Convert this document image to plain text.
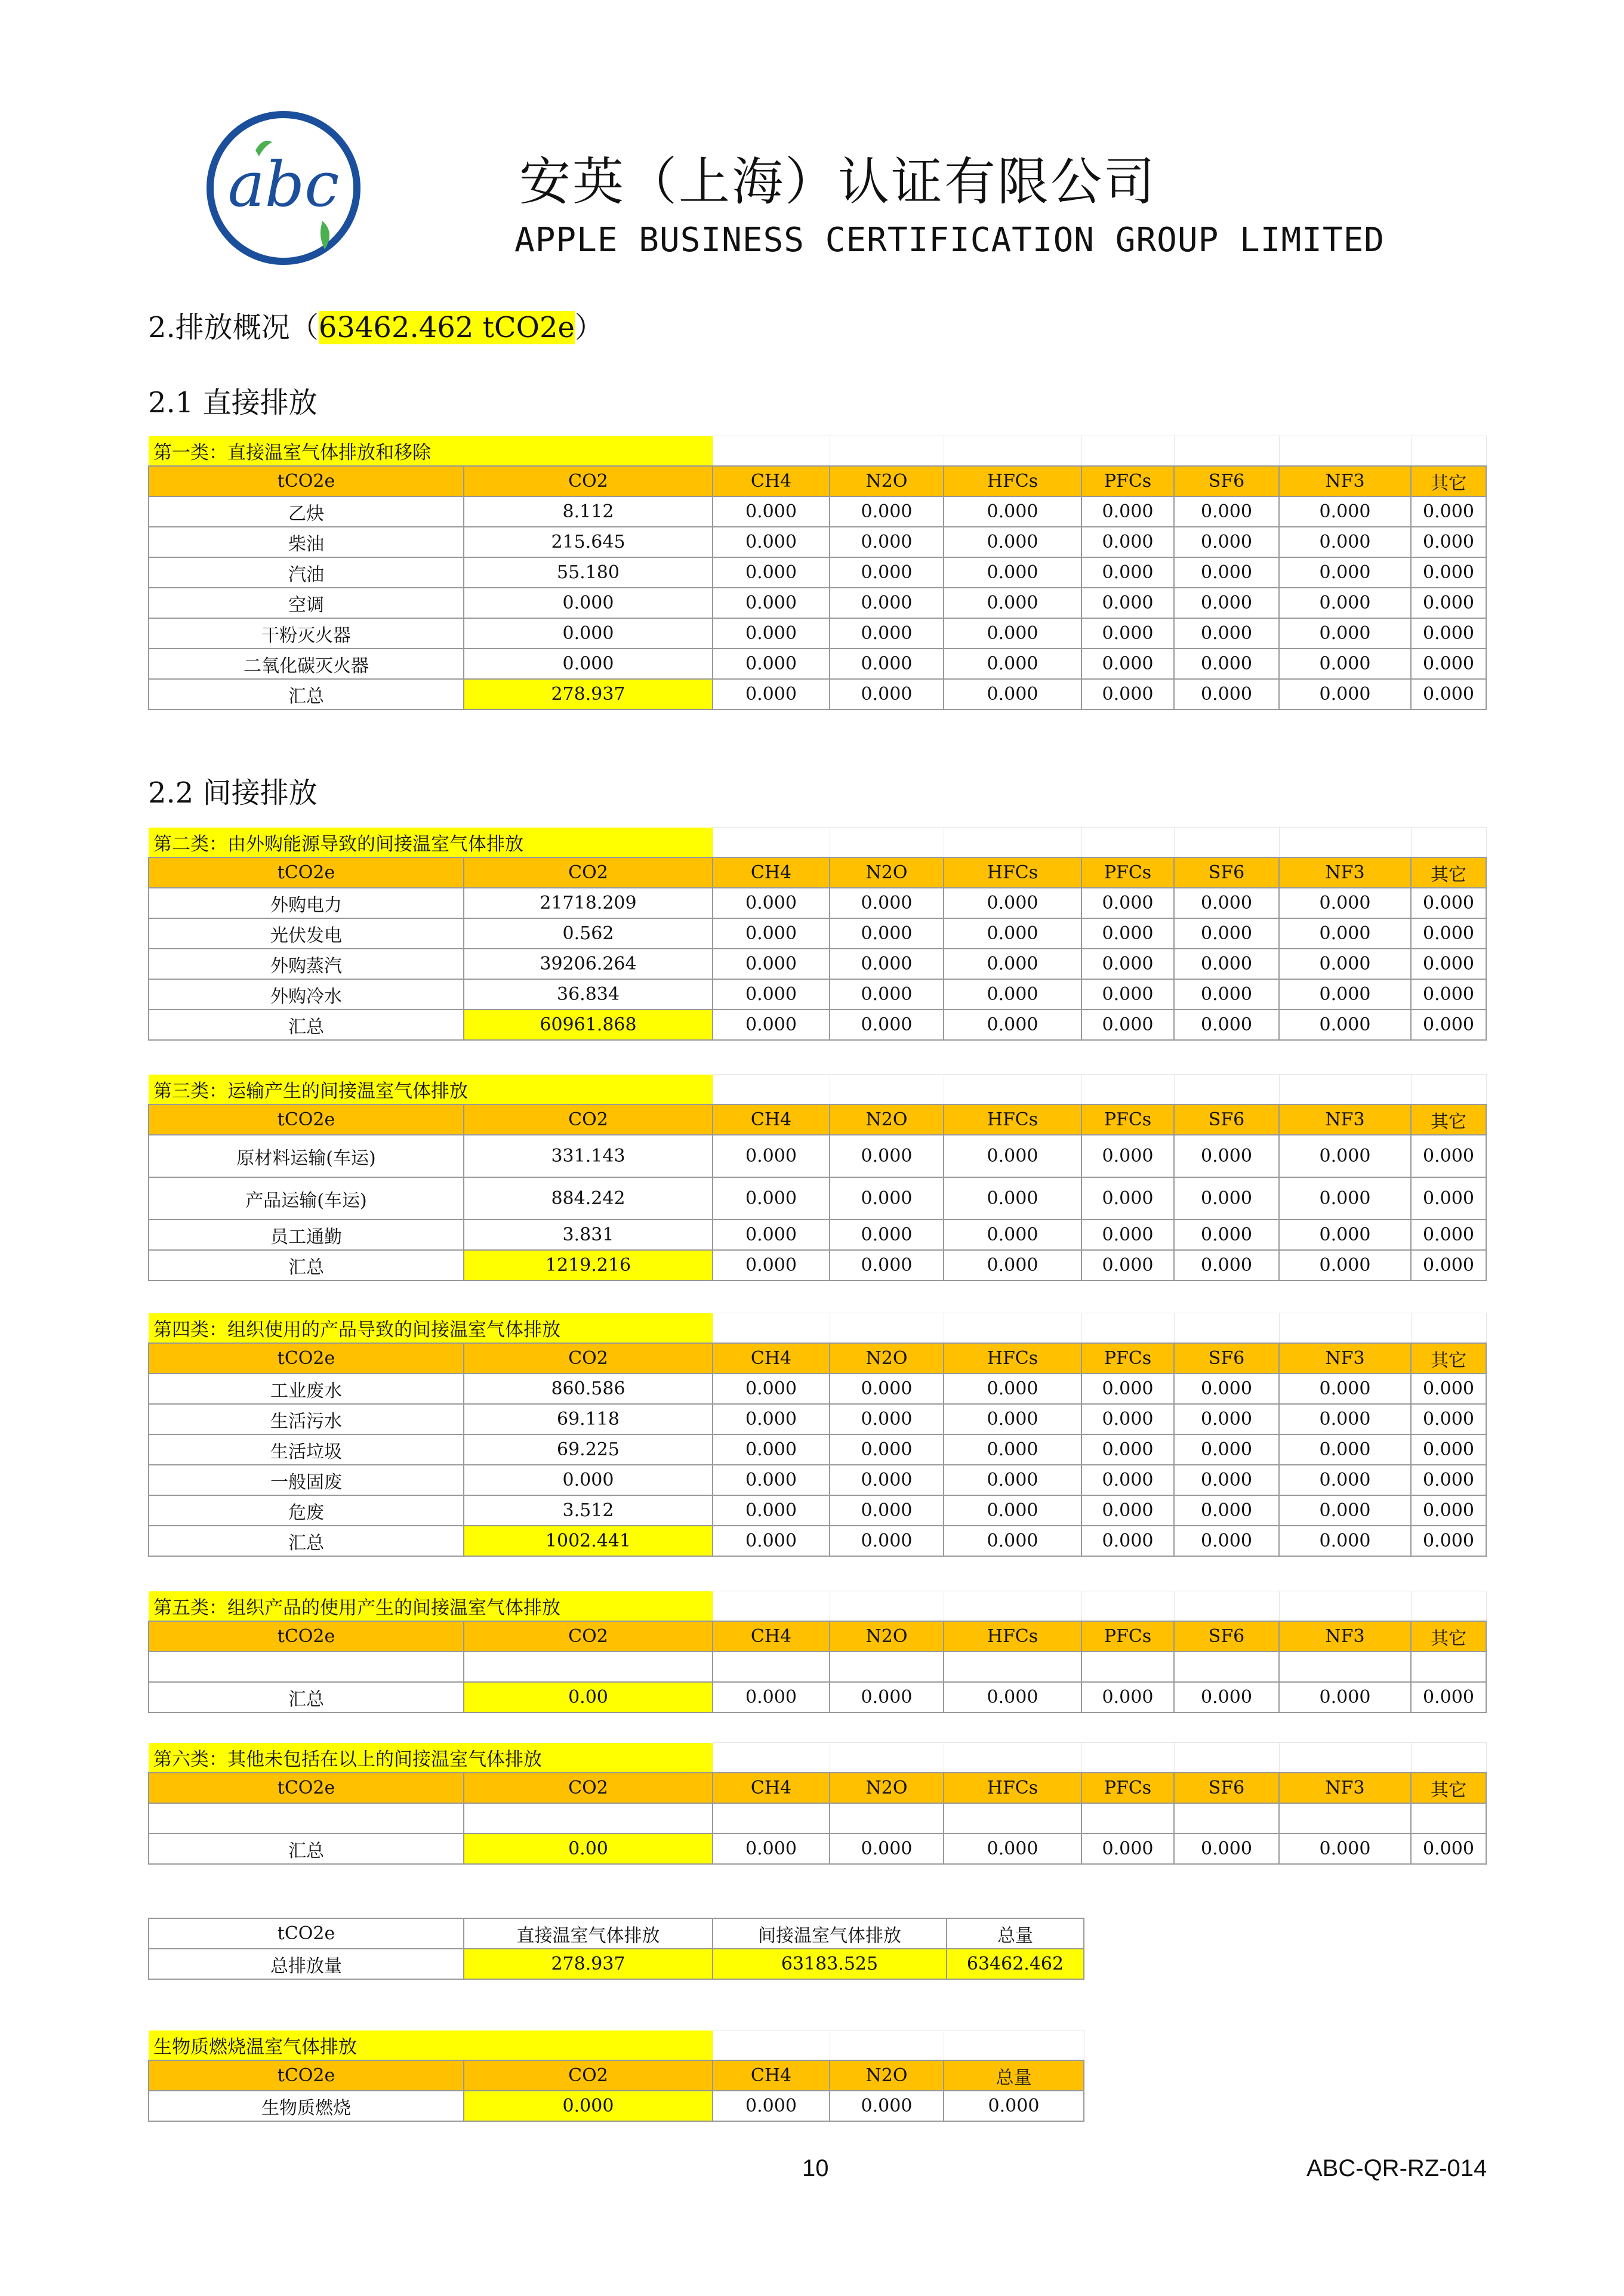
abc	安英（上海）认证有限公司
APPLE BUSINESS CERTIFICATION GROUP LIMITED
2.排放概况（63462.462 tCO2e）
2.1 直接排放
2.2 间接排放
第一类：直接温室气体排放和移除								
tCO2e	CO2	CH4	N2O	HFCs	PFCs	SF6	NF3	其它
乙炔	8.112	0.000	0.000	0.000	0.000	0.000	0.000	0.000
柴油	215.645	0.000	0.000	0.000	0.000	0.000	0.000	0.000
汽油	55.180	0.000	0.000	0.000	0.000	0.000	0.000	0.000
空调	0.000	0.000	0.000	0.000	0.000	0.000	0.000	0.000
干粉灭火器	0.000	0.000	0.000	0.000	0.000	0.000	0.000	0.000
二氧化碳灭火器	0.000	0.000	0.000	0.000	0.000	0.000	0.000	0.000
汇总	278.937	0.000	0.000	0.000	0.000	0.000	0.000	0.000
第二类：由外购能源导致的间接温室气体排放								
tCO2e	CO2	CH4	N2O	HFCs	PFCs	SF6	NF3	其它
外购电力	21718.209	0.000	0.000	0.000	0.000	0.000	0.000	0.000
光伏发电	0.562	0.000	0.000	0.000	0.000	0.000	0.000	0.000
外购蒸汽	39206.264	0.000	0.000	0.000	0.000	0.000	0.000	0.000
外购冷水	36.834	0.000	0.000	0.000	0.000	0.000	0.000	0.000
汇总	60961.868	0.000	0.000	0.000	0.000	0.000	0.000	0.000
第三类：运输产生的间接温室气体排放								
tCO2e	CO2	CH4	N2O	HFCs	PFCs	SF6	NF3	其它
原材料运输(车运)	331.143	0.000	0.000	0.000	0.000	0.000	0.000	0.000
产品运输(车运)	884.242	0.000	0.000	0.000	0.000	0.000	0.000	0.000
员工通勤	3.831	0.000	0.000	0.000	0.000	0.000	0.000	0.000
汇总	1219.216	0.000	0.000	0.000	0.000	0.000	0.000	0.000
第四类：组织使用的产品导致的间接温室气体排放								
tCO2e	CO2	CH4	N2O	HFCs	PFCs	SF6	NF3	其它
工业废水	860.586	0.000	0.000	0.000	0.000	0.000	0.000	0.000
生活污水	69.118	0.000	0.000	0.000	0.000	0.000	0.000	0.000
生活垃圾	69.225	0.000	0.000	0.000	0.000	0.000	0.000	0.000
一般固废	0.000	0.000	0.000	0.000	0.000	0.000	0.000	0.000
危废	3.512	0.000	0.000	0.000	0.000	0.000	0.000	0.000
汇总	1002.441	0.000	0.000	0.000	0.000	0.000	0.000	0.000
第五类：组织产品的使用产生的间接温室气体排放								
tCO2e	CO2	CH4	N2O	HFCs	PFCs	SF6	NF3	其它

汇总	0.00	0.000	0.000	0.000	0.000	0.000	0.000	0.000
第六类：其他未包括在以上的间接温室气体排放								
tCO2e	CO2	CH4	N2O	HFCs	PFCs	SF6	NF3	其它

汇总	0.00	0.000	0.000	0.000	0.000	0.000	0.000	0.000
tCO2e	直接温室气体排放	间接温室气体排放	总量
总排放量	278.937	63183.525	63462.462
生物质燃烧温室气体排放				
tCO2e	CO2	CH4	N2O	总量
生物质燃烧	0.000	0.000	0.000	0.000
10	ABC-QR-RZ-014
